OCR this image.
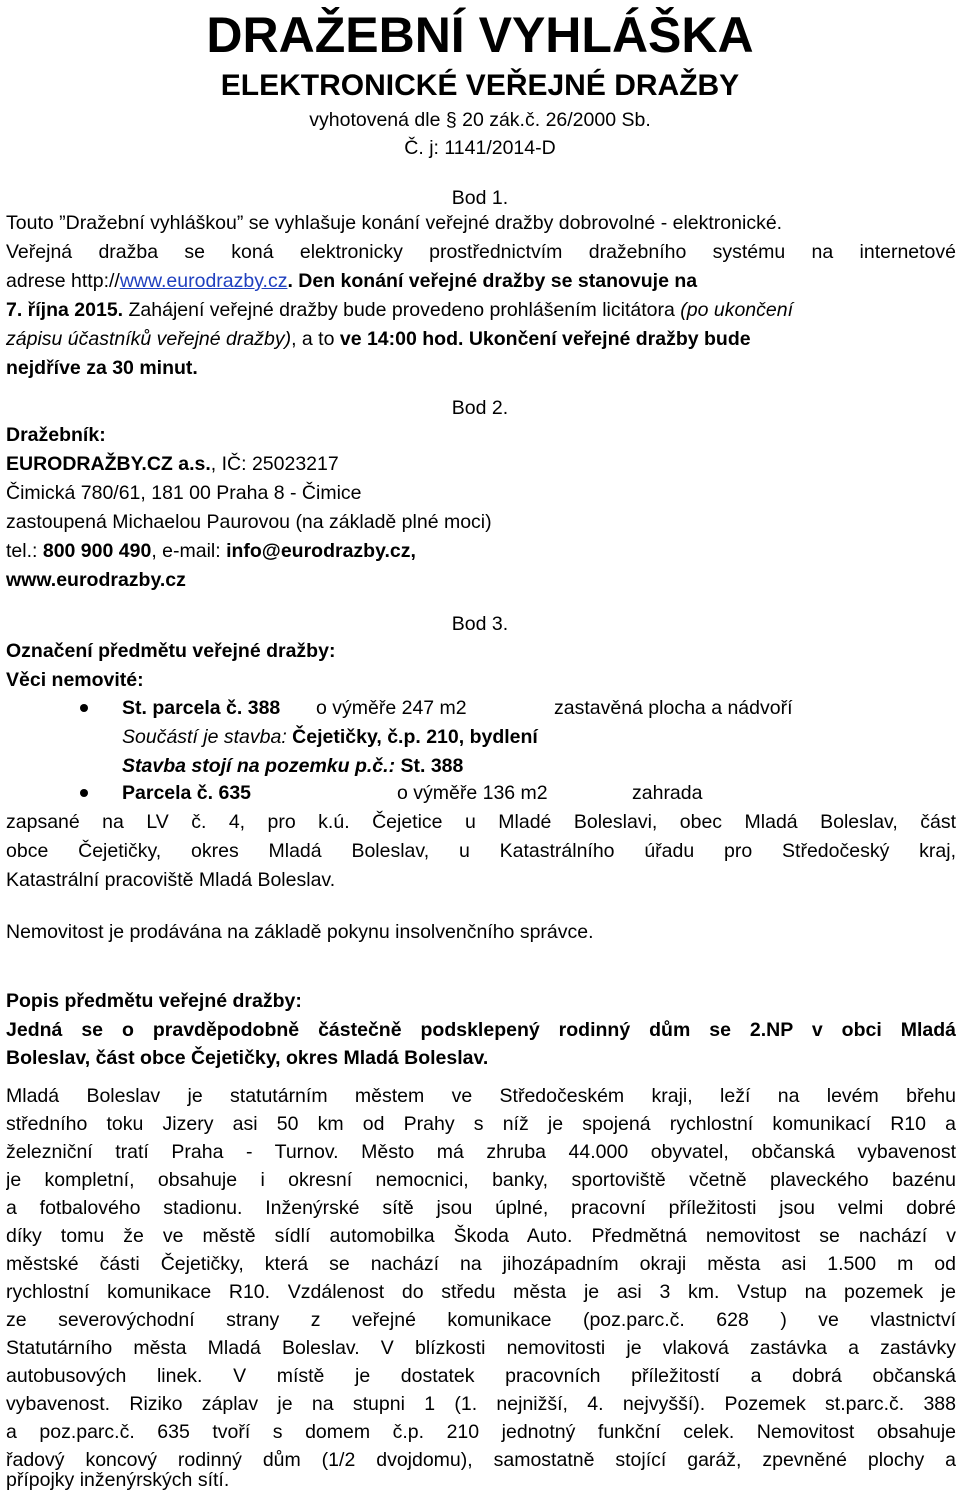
DRAŽEBNÍ VYHLÁŠKA
ELEKTRONICKÉ VEŘEJNÉ DRAŽBY
vyhotovená dle § 20 zák.č. 26/2000 Sb.
Č. j: 1141/2014-D
Bod 1.
Touto ”Dražební vyhláškou” se vyhlašuje konání veřejné dražby dobrovolné - elektronické.
Veřejná dražba se koná elektronicky prostřednictvím dražebního systému na internetové
adrese http://www.eurodrazby.cz. Den konání veřejné dražby se stanovuje na
7. října 2015. Zahájení veřejné dražby bude provedeno prohlášením licitátora (po ukončení
zápisu účastníků veřejné dražby), a to ve 14:00 hod. Ukončení veřejné dražby bude
nejdříve za 30 minut.
Bod 2.
Dražebník:
EURODRAŽBY.CZ a.s., IČ: 25023217
Čimická 780/61, 181 00 Praha 8 - Čimice
zastoupená Michaelou Paurovou (na základě plné moci)
tel.: 800 900 490, e-mail: info@eurodrazby.cz,
www.eurodrazby.cz
Bod 3.
Označení předmětu veřejné dražby:
Věci nemovité:
St. parcela č. 388 o výměře 247 m2	zastavěná plocha a nádvoří
Součástí je stavba: Čejetičky, č.p. 210, bydlení
Stavba stojí na pozemku p.č.: St. 388
Parcela č. 635	o výměře 136 m2	zahrada
zapsané na LV č. 4, pro k.ú. Čejetice u Mladé Boleslavi, obec Mladá Boleslav, část
obce Čejetičky, okres Mladá Boleslav, u Katastrálního úřadu pro Středočeský kraj,
Katastrální pracoviště Mladá Boleslav.
Nemovitost je prodávána na základě pokynu insolvenčního správce.
Popis předmětu veřejné dražby:
Jedná se o pravděpodobně částečně podsklepený rodinný dům se 2.NP v obci Mladá
Boleslav, část obce Čejetičky, okres Mladá Boleslav.
Mladá Boleslav je statutárním městem ve Středočeském kraji, leží na levém břehu
středního toku Jizery asi 50 km od Prahy s níž je spojená rychlostní komunikací R10 a
železniční tratí Praha - Turnov. Město má zhruba 44.000 obyvatel, občanská vybavenost
je kompletní, obsahuje i okresní nemocnici, banky, sportoviště včetně plaveckého bazénu
a fotbalového stadionu. Inženýrské sítě jsou úplné, pracovní příležitosti jsou velmi dobré
díky tomu že ve městě sídlí automobilka Škoda Auto. Předmětná nemovitost se nachází v
městské části Čejetičky, která se nachází na jihozápadním okraji města asi 1.500 m od
rychlostní komunikace R10. Vzdálenost do středu města je asi 3 km. Vstup na pozemek je
ze severovýchodní strany z veřejné komunikace (poz.parc.č. 628 ) ve vlastnictví
Statutárního města Mladá Boleslav. V blízkosti nemovitosti je vlaková zastávka a zastávky
autobusových linek. V místě je dostatek pracovních příležitostí a dobrá občanská
vybavenost. Riziko záplav je na stupni 1 (1. nejnižší, 4. nejvyšší). Pozemek st.parc.č. 388
a poz.parc.č. 635 tvoří s domem č.p. 210 jednotný funkční celek. Nemovitost obsahuje
řadový koncový rodinný dům (1/2 dvojdomu), samostatně stojící garáž, zpevněné plochy a
přípojky inženýrských sítí.
